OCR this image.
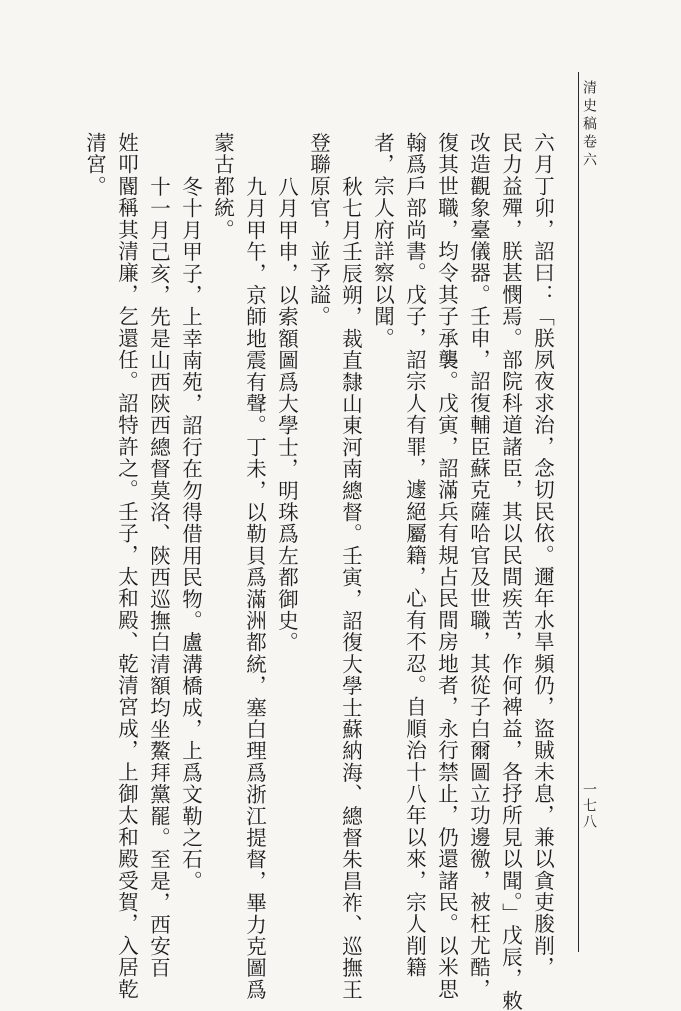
清史稿卷六
一七八
六月丁卯，詔曰：「朕夙夜求治，念切民依。邇年水旱頻仍，盜賊未息，兼以貪吏朘削，
民力益殫，朕甚憫焉。部院科道諸臣，其以民間疾苦，作何裨益，各抒所見以聞。」戊辰，敕
改造觀象臺儀器。壬申，詔復輔臣蘇克薩哈官及世職，其從子白爾圖立功邊徼，被枉尤酷，
復其世職，均令其子承襲。戊寅，詔滿兵有規占民間房地者，永行禁止，仍還諸民。以米思
翰爲戶部尚書。戊子，詔宗人有罪，遽絕屬籍，心有不忍。自順治十八年以來，宗人削籍
者，宗人府詳察以聞。
秋七月壬辰朔，裁直隸山東河南總督。壬寅，詔復大學士蘇納海、總督朱昌祚、巡撫王
登聯原官，並予謚。
八月甲申，以索額圖爲大學士，明珠爲左都御史。
九月甲午，京師地震有聲。丁未，以勒貝爲滿洲都統，塞白理爲浙江提督，畢力克圖爲
蒙古都統。
冬十月甲子，上幸南苑，詔行在勿得借用民物。盧溝橋成，上爲文勒之石。
十一月己亥，先是山西陝西總督莫洛、陝西巡撫白清額均坐鰲拜黨罷。至是，西安百
姓叩閽稱其清廉，乞還任。詔特許之。壬子，太和殿、乾清宮成，上御太和殿受賀，入居乾
清宮。
